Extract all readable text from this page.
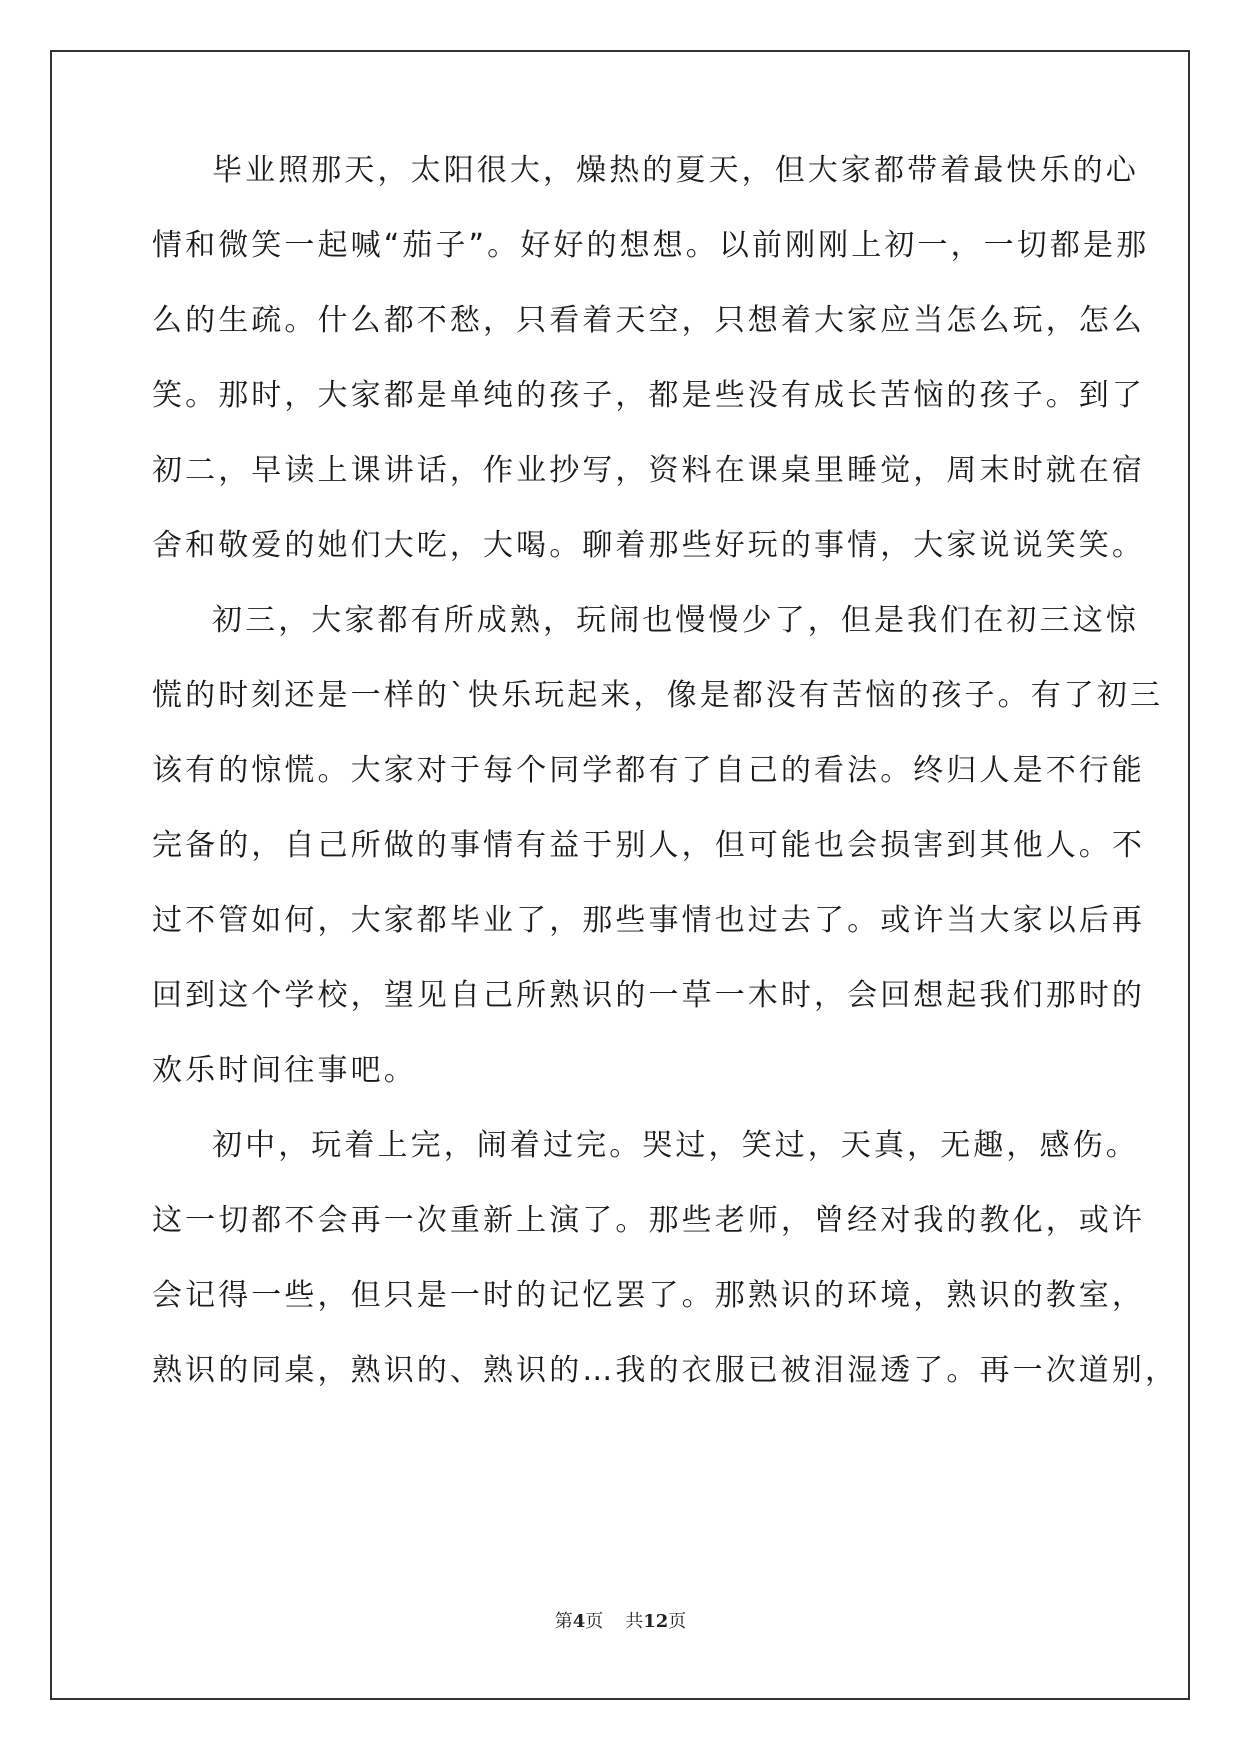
毕业照那天，太阳很大，燥热的夏天，但大家都带着最快乐的心
情和微笑一起喊“茄子”。好好的想想。以前刚刚上初一，一切都是那
么的生疏。什么都不愁，只看着天空，只想着大家应当怎么玩，怎么
笑。那时，大家都是单纯的孩子，都是些没有成长苦恼的孩子。到了
初二，早读上课讲话，作业抄写，资料在课桌里睡觉，周末时就在宿
舍和敬爱的她们大吃，大喝。聊着那些好玩的事情，大家说说笑笑。
初三，大家都有所成熟，玩闹也慢慢少了，但是我们在初三这惊
慌的时刻还是一样的`快乐玩起来，像是都没有苦恼的孩子。有了初三
该有的惊慌。大家对于每个同学都有了自己的看法。终归人是不行能
完备的，自己所做的事情有益于别人，但可能也会损害到其他人。不
过不管如何，大家都毕业了，那些事情也过去了。或许当大家以后再
回到这个学校，望见自己所熟识的一草一木时，会回想起我们那时的
欢乐时间往事吧。
初中，玩着上完，闹着过完。哭过，笑过，天真，无趣，感伤。
这一切都不会再一次重新上演了。那些老师，曾经对我的教化，或许
会记得一些，但只是一时的记忆罢了。那熟识的环境，熟识的教室，
熟识的同桌，熟识的、熟识的…我的衣服已被泪湿透了。再一次道别，
第4页 共12页
